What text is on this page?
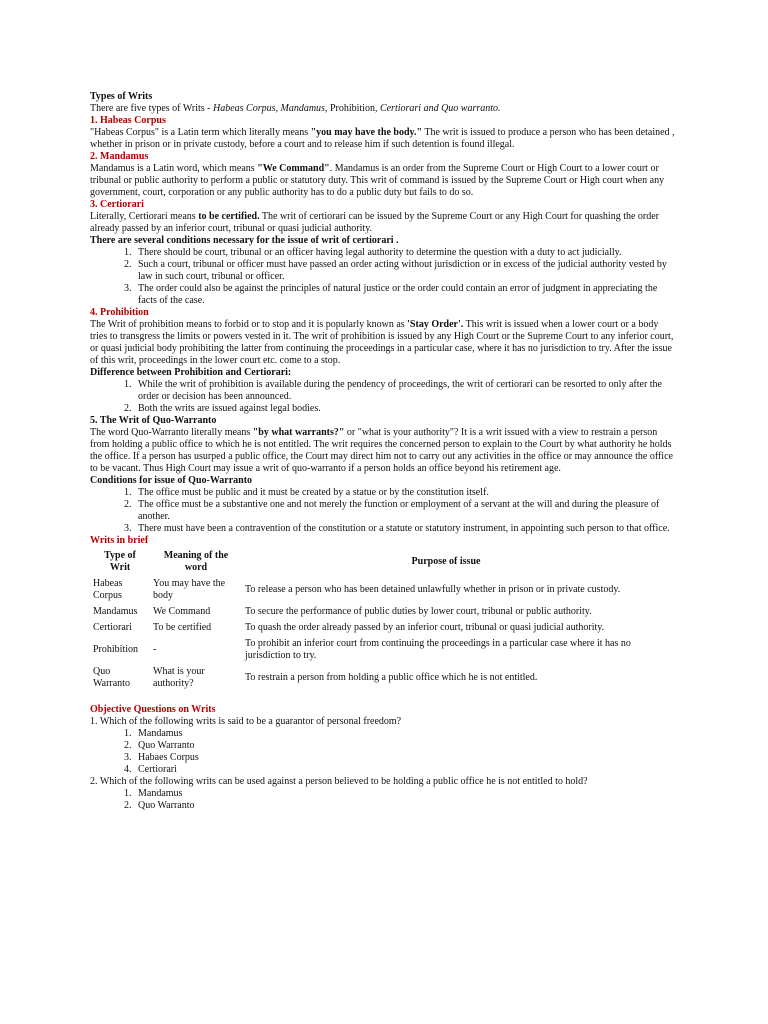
Types of Writs

There are five types of Writs - Habeas Corpus, Mandamus, Prohibition, Certiorari and Quo warranto.

1. Habeas Corpus

"Habeas Corpus" is a Latin term which literally means "you may have the body." The writ is issued to produce a person who has been detained , whether in prison or in private custody, before a court and to release him if such detention is found illegal.

2. Mandamus

Mandamus is a Latin word, which means "We Command". Mandamus is an order from the Supreme Court or High Court to a lower court or tribunal or public authority to perform a public or statutory duty. This writ of command is issued by the Supreme Court or High court when any government, court, corporation or any public authority has to do a public duty but fails to do so.

3. Certiorari

Literally, Certiorari means to be certified. The writ of certiorari can be issued by the Supreme Court or any High Court for quashing the order already passed by an inferior court, tribunal or quasi judicial authority.

There are several conditions necessary for the issue of writ of certiorari .

1. There should be court, tribunal or an officer having legal authority to determine the question with a duty to act judicially.
2. Such a court, tribunal or officer must have passed an order acting without jurisdiction or in excess of the judicial authority vested by law in such court, tribunal or officer.
3. The order could also be against the principles of natural justice or the order could contain an error of judgment in appreciating the facts of the case.

4. Prohibition

The Writ of prohibition means to forbid or to stop and it is popularly known as 'Stay Order'. This writ is issued when a lower court or a body tries to transgress the limits or powers vested in it. The writ of prohibition is issued by any High Court or the Supreme Court to any inferior court, or quasi judicial body prohibiting the latter from continuing the proceedings in a particular case, where it has no jurisdiction to try. After the issue of this writ, proceedings in the lower court etc. come to a stop.

Difference between Prohibition and Certiorari:

1. While the writ of prohibition is available during the pendency of proceedings, the writ of certiorari can be resorted to only after the order or decision has been announced.
2. Both the writs are issued against legal bodies.

5. The Writ of Quo-Warranto

The word Quo-Warranto literally means "by what warrants?" or "what is your authority"? It is a writ issued with a view to restrain a person from holding a public office to which he is not entitled. The writ requires the concerned person to explain to the Court by what authority he holds the office. If a person has usurped a public office, the Court may direct him not to carry out any activities in the office or may announce the office to be vacant. Thus High Court may issue a writ of quo-warranto if a person holds an office beyond his retirement age.

Conditions for issue of Quo-Warranto

1. The office must be public and it must be created by a statue or by the constitution itself.
2. The office must be a substantive one and not merely the function or employment of a servant at the will and during the pleasure of another.
3. There must have been a contravention of the constitution or a statute or statutory instrument, in appointing such person to that office.

Writs in brief

Type of Writ	Meaning of the word	Purpose of issue
Habeas Corpus	You may have the body	To release a person who has been detained unlawfully whether in prison or in private custody.
Mandamus	We Command	To secure the performance of public duties by lower court, tribunal or public authority.
Certiorari	To be certified	To quash the order already passed by an inferior court, tribunal or quasi judicial authority.
Prohibition	-	To prohibit an inferior court from continuing the proceedings in a particular case where it has no jurisdiction to try.
Quo Warranto	What is your authority?	To restrain a person from holding a public office which he is not entitled.

Objective Questions on Writs

1. Which of the following writs is said to be a guarantor of personal freedom?

1. Mandamus
2. Quo Warranto
3. Habaes Corpus
4. Certiorari

2. Which of the following writs can be used against a person believed to be holding a public office he is not entitled to hold?

1. Mandamus
2. Quo Warranto
